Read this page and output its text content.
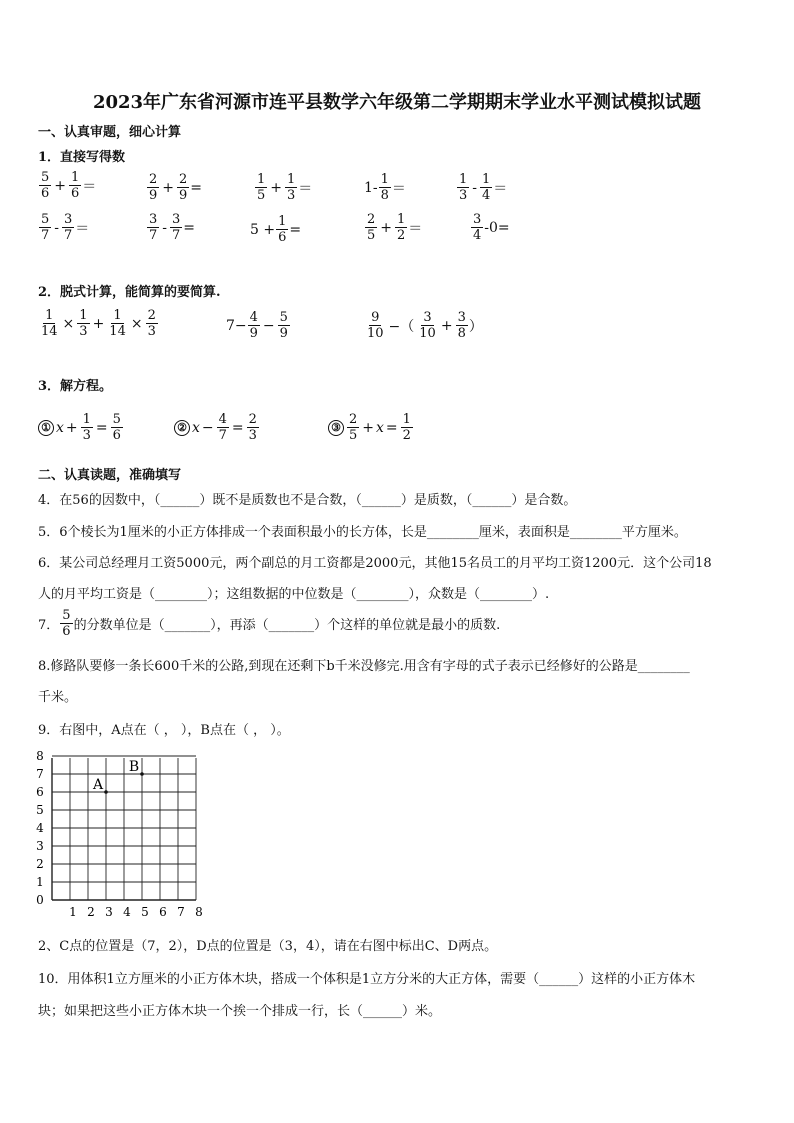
2023年广东省河源市连平县数学六年级第二学期期末学业水平测试模拟试题
一、认真审题，细心计算
1．直接写得数
$\frac{5}{6} + \frac{1}{6}$ ＝	$\frac{2}{9} + \frac{2}{9}$ =	$\frac{1}{5} + \frac{1}{3}$ ＝	$1- \frac{1}{8}$ ＝	$\frac{1}{3} - \frac{1}{4}$ ＝
$\frac{5}{7} - \frac{3}{7}$ ＝	$\frac{3}{7} - \frac{3}{7}$ =	$5 + \frac{1}{6}$ =	$\frac{2}{5} + \frac{1}{2}$ ＝	$\frac{3}{4} -0=$
2．脱式计算，能简算的要简算.
$\frac{1}{14} \times \frac{1}{3} + \frac{1}{14} \times \frac{2}{3}$	$7- \frac{4}{9} - \frac{5}{9}$	$\frac{9}{10}$ −（ $\frac{3}{10} + \frac{3}{8}$ ）
3．解方程。
① $x + \frac{1}{3} = \frac{5}{6}$	② $x - \frac{4}{7} = \frac{2}{3}$	③ $\frac{2}{5} + x = \frac{1}{2}$
二、认真读题，准确填写
4．在56的因数中，（______）既不是质数也不是合数，（______）是质数，（______）是合数。
5．6个棱长为1厘米的小正方体排成一个表面积最小的长方体，长是________厘米，表面积是________平方厘米。
6．某公司总经理月工资5000元，两个副总的月工资都是2000元，其他15名员工的月平均工资1200元．这个公司18
人的月平均工资是（________）；这组数据的中位数是（________），众数是（________）.
7． $\frac{5}{6}$ 的分数单位是（_______），再添（_______）个这样的单位就是最小的质数.
8.修路队要修一条长600千米的公路,到现在还剩下b千米没修完.用含有字母的式子表示已经修好的公路是________
千米。
9．右图中，A点在（ ， ），B点在（ ， ）。
0
1
2
3
4
5
6
7
8
1 2 3 4 5 6 7 8
A
B
2、C点的位置是（7，2），D点的位置是（3，4），请在右图中标出C、D两点。
10．用体积1立方厘米的小正方体木块，搭成一个体积是1立方分米的大正方体，需要（______）这样的小正方体木
块；如果把这些小正方体木块一个挨一个排成一行，长（______）米。
